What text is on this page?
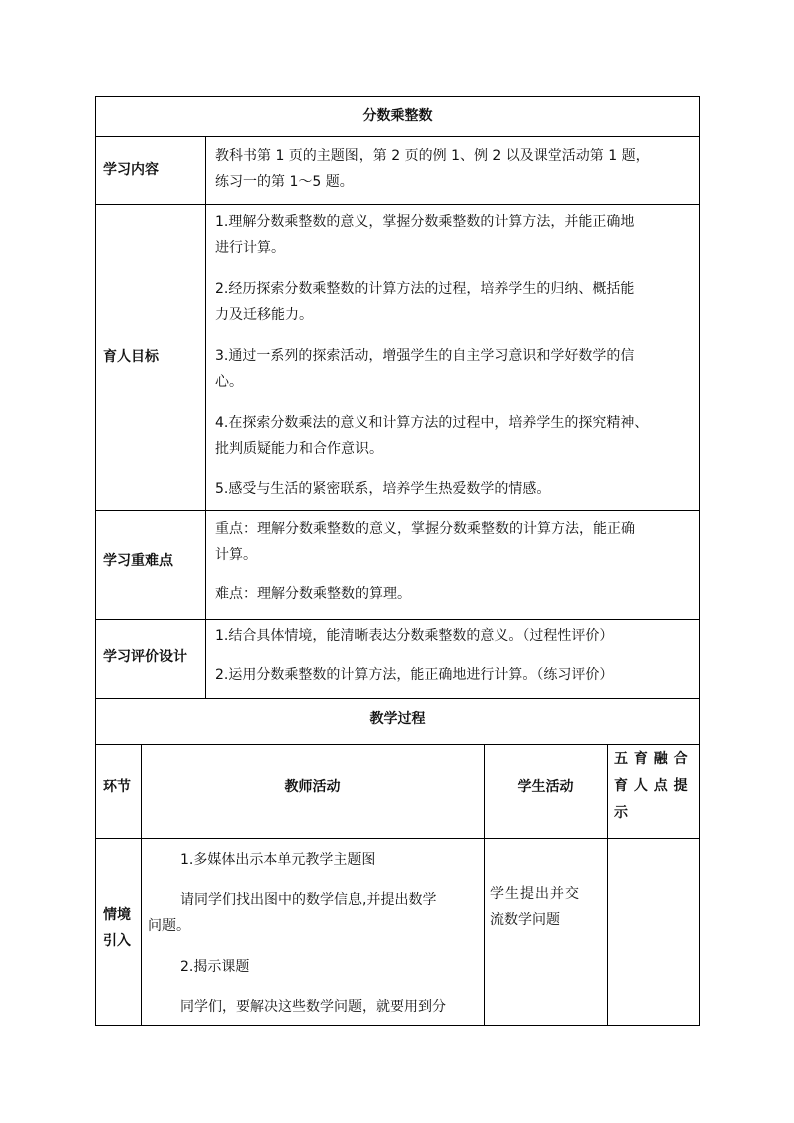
分数乘整数
学习内容
教科书第 1 页的主题图，第 2 页的例 1、例 2 以及课堂活动第 1 题，
练习一的第 1～5 题。
育人目标
1.理解分数乘整数的意义，掌握分数乘整数的计算方法，并能正确地
进行计算。
2.经历探索分数乘整数的计算方法的过程，培养学生的归纳、概括能
力及迁移能力。
3.通过一系列的探索活动，增强学生的自主学习意识和学好数学的信
心。
4.在探索分数乘法的意义和计算方法的过程中，培养学生的探究精神、
批判质疑能力和合作意识。
5.感受与生活的紧密联系，培养学生热爱数学的情感。
学习重难点
重点：理解分数乘整数的意义，掌握分数乘整数的计算方法，能正确
计算。
难点：理解分数乘整数的算理。
学习评价设计
1.结合具体情境，能清晰表达分数乘整数的意义。（过程性评价）
2.运用分数乘整数的计算方法，能正确地进行计算。（练习评价）
教学过程
环节	教师活动	学生活动
五 育 融 合
育 人 点 提
示
情境
引入
1.多媒体出示本单元教学主题图
请同学们找出图中的数学信息,并提出数学
问题。
2.揭示课题
同学们，要解决这些数学问题，就要用到分
学生提出并交
流数学问题
